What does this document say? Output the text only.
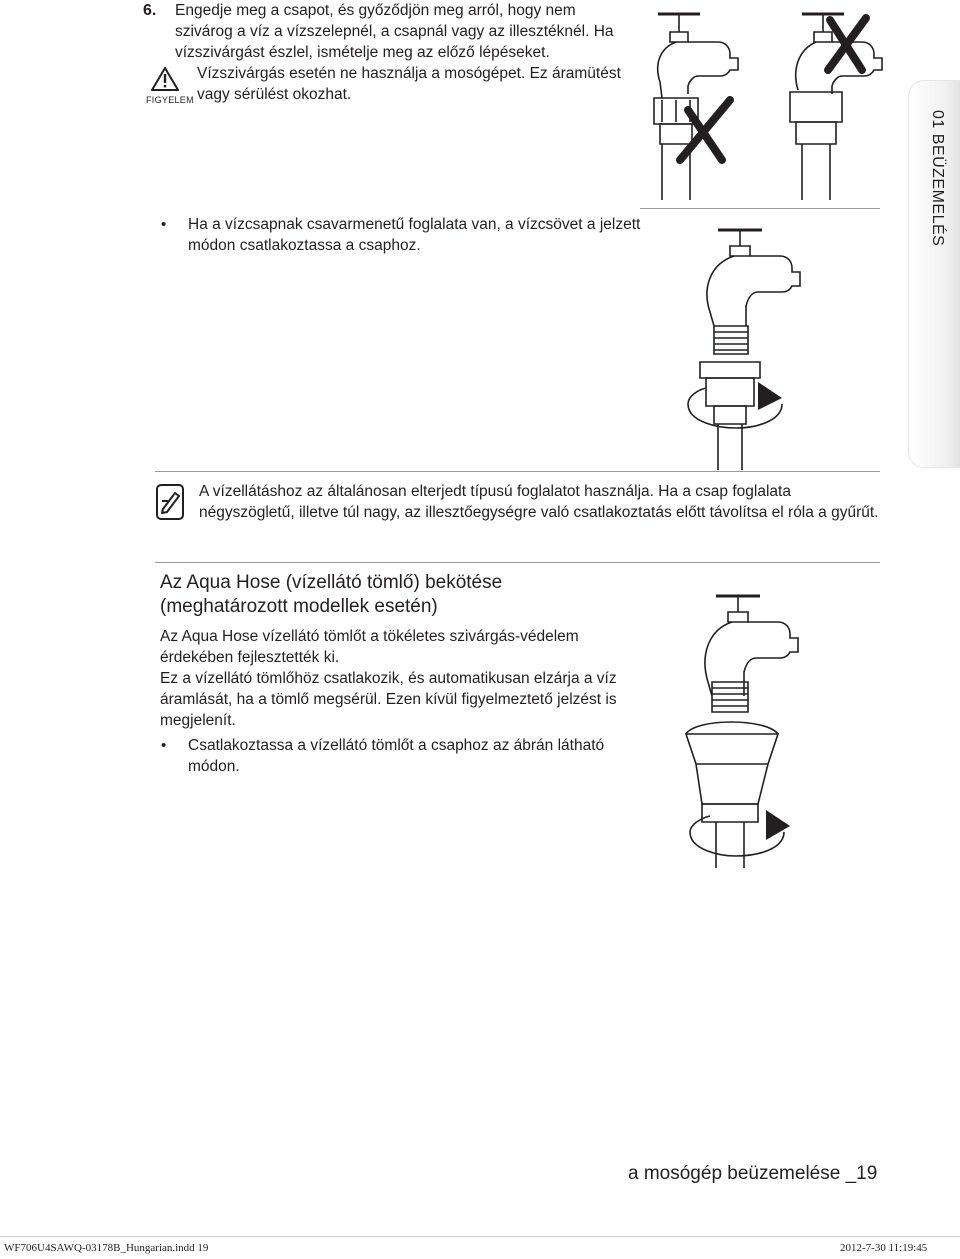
6. Engedje meg a csapot, és győződjön meg arról, hogy nem szivárog a víz a vízszelepnél, a csapnál vagy az illesztéknél. Ha vízszivárgást észlel, ismételje meg az előző lépéseket.
FIGYELEM
Vízszivárgás esetén ne használja a mosógépet. Ez áramütést vagy sérülést okozhat.
• Ha a vízcsapnak csavarmenetű foglalata van, a vízcsövet a jelzett módon csatlakoztassa a csaphoz.	01 BEÜZEMELÉS
A vízellátáshoz az általánosan elterjedt típusú foglalatot használja. Ha a csap foglalata négyszögletű, illetve túl nagy, az illesztőegységre való csatlakoztatás előtt távolítsa el róla a gyűrűt.
Az Aqua Hose (vízellátó tömlő) bekötése (meghatározott modellek esetén)
Az Aqua Hose vízellátó tömlőt a tökéletes szivárgás-védelem érdekében fejlesztették ki.
Ez a vízellátó tömlőhöz csatlakozik, és automatikusan elzárja a víz áramlását, ha a tömlő megsérül. Ezen kívül figyelmeztető jelzést is megjelenít.
• Csatlakoztassa a vízellátó tömlőt a csaphoz az ábrán látható módon.
a mosógép beüzemelése _19
WF706U4SAWQ-03178B_Hungarian.indd 19	2012-7-30 11:19:45
